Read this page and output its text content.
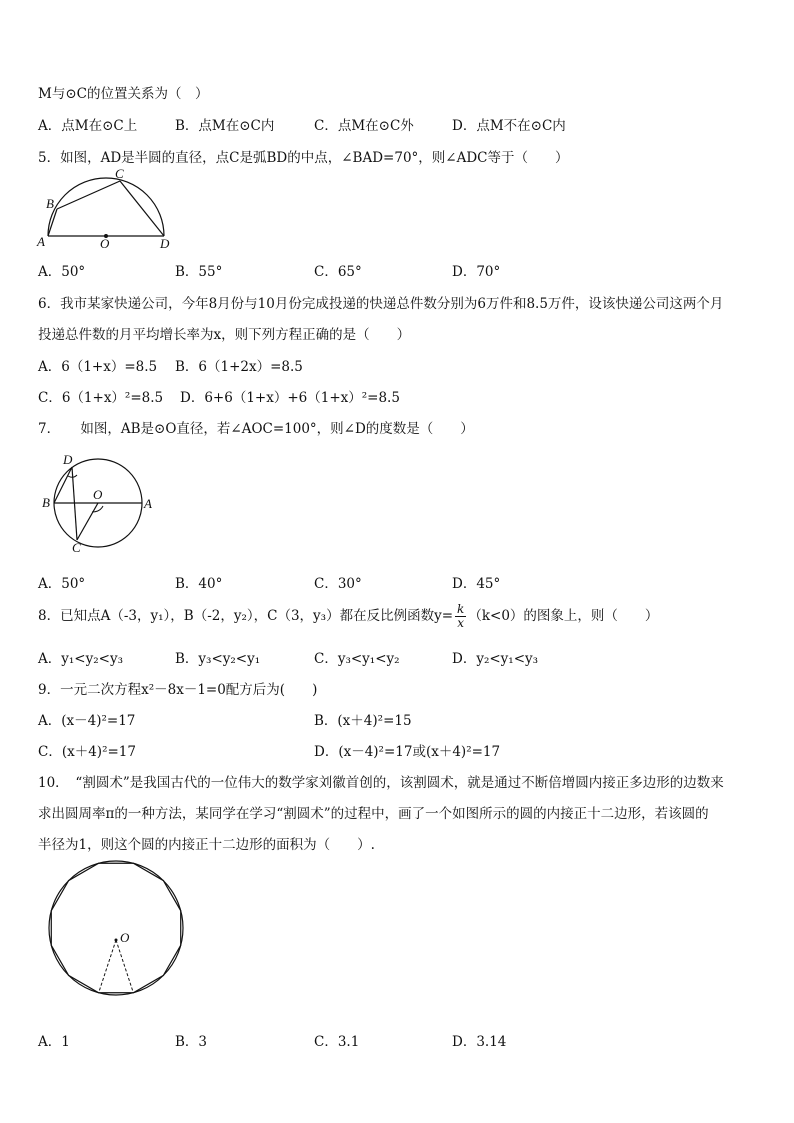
M与⊙C的位置关系为（　）
A．点M在⊙C上	B．点M在⊙C内	C．点M在⊙C外	D．点M不在⊙C内
5．如图，AD是半圆的直径，点C是弧BD的中点，∠BAD=70°，则∠ADC等于（　　）
A
B
C
D
O
A．50°	B．55°	C．65°	D．70°
6．我市某家快递公司，今年8月份与10月份完成投递的快递总件数分别为6万件和8.5万件，设该快递公司这两个月
投递总件数的月平均增长率为x，则下列方程正确的是（　　）
A．6（1+x）=8.5 B．6（1+2x）=8.5
C．6（1+x）²=8.5 D．6+6（1+x）+6（1+x）²=8.5
7．　　如图，AB是⊙O直径，若∠AOC=100°，则∠D的度数是（　　）
D
B
O
A
C
A．50°	B．40°	C．30°	D．45°
8．已知点A（-3，y₁），B（-2，y₂），C（3，y₃）都在反比例函数$y= \frac{k}{x} (k<0)$的图象上，则（　　）
A．y₁<y₂<y₃	B．y₃<y₂<y₁	C．y₃<y₁<y₂	D．y₂<y₁<y₃
9．一元二次方程x²－8x－1=0配方后为(　　)
A．(x－4)²=17	B．(x＋4)²=15
C．(x＋4)²=17	D．(x－4)²=17或(x＋4)²=17
10．　“割圆术”是我国古代的一位伟大的数学家刘徽首创的，该割圆术，就是通过不断倍增圆内接正多边形的边数来
求出圆周率π的一种方法，某同学在学习“割圆术”的过程中，画了一个如图所示的圆的内接正十二边形，若该圆的
半径为1，则这个圆的内接正十二边形的面积为（　　）.
O
A．1	B．3	C．3.1	D．3.14
